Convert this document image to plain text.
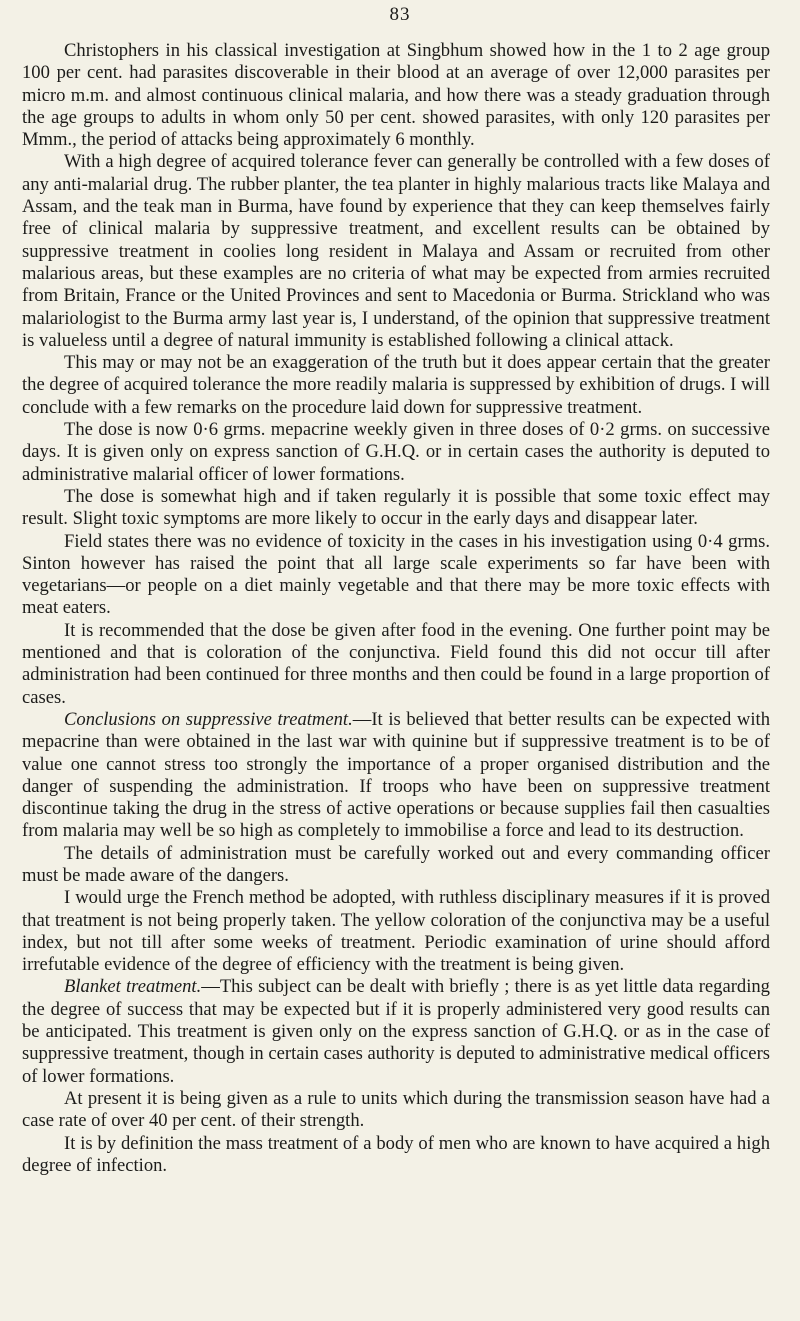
83

Christophers in his classical investigation at Singbhum showed how in the 1 to 2 age group 100 per cent. had parasites discoverable in their blood at an average of over 12,000 parasites per micro m.m. and almost continuous clinical malaria, and how there was a steady graduation through the age groups to adults in whom only 50 per cent. showed parasites, with only 120 parasites per Mmm., the period of attacks being approximately 6 monthly.

With a high degree of acquired tolerance fever can generally be controlled with a few doses of any anti-malarial drug. The rubber planter, the tea planter in highly malarious tracts like Malaya and Assam, and the teak man in Burma, have found by experience that they can keep themselves fairly free of clinical malaria by suppressive treatment, and excellent results can be obtained by suppressive treatment in coolies long resident in Malaya and Assam or recruited from other malarious areas, but these examples are no criteria of what may be expected from armies recruited from Britain, France or the United Provinces and sent to Macedonia or Burma. Strickland who was malariologist to the Burma army last year is, I understand, of the opinion that suppressive treatment is valueless until a degree of natural immunity is established following a clinical attack.

This may or may not be an exaggeration of the truth but it does appear certain that the greater the degree of acquired tolerance the more readily malaria is suppressed by exhibition of drugs. I will conclude with a few remarks on the procedure laid down for suppressive treatment.

The dose is now 0·6 grms. mepacrine weekly given in three doses of 0·2 grms. on successive days. It is given only on express sanction of G.H.Q. or in certain cases the authority is deputed to administrative malarial officer of lower formations.

The dose is somewhat high and if taken regularly it is possible that some toxic effect may result. Slight toxic symptoms are more likely to occur in the early days and disappear later.

Field states there was no evidence of toxicity in the cases in his investigation using 0·4 grms. Sinton however has raised the point that all large scale experiments so far have been with vegetarians—or people on a diet mainly vegetable and that there may be more toxic effects with meat eaters.

It is recommended that the dose be given after food in the evening. One further point may be mentioned and that is coloration of the conjunctiva. Field found this did not occur till after administration had been continued for three months and then could be found in a large proportion of cases.

Conclusions on suppressive treatment.—It is believed that better results can be expected with mepacrine than were obtained in the last war with quinine but if suppressive treatment is to be of value one cannot stress too strongly the importance of a proper organised distribution and the danger of suspending the administration. If troops who have been on suppressive treatment discontinue taking the drug in the stress of active operations or because supplies fail then casualties from malaria may well be so high as completely to immobilise a force and lead to its destruction.

The details of administration must be carefully worked out and every commanding officer must be made aware of the dangers.

I would urge the French method be adopted, with ruthless disciplinary measures if it is proved that treatment is not being properly taken. The yellow coloration of the conjunctiva may be a useful index, but not till after some weeks of treatment. Periodic examination of urine should afford irrefutable evidence of the degree of efficiency with the treatment is being given.

Blanket treatment.—This subject can be dealt with briefly ; there is as yet little data regarding the degree of success that may be expected but if it is properly administered very good results can be anticipated. This treatment is given only on the express sanction of G.H.Q. or as in the case of suppressive treatment, though in certain cases authority is deputed to administrative medical officers of lower formations.

At present it is being given as a rule to units which during the transmission season have had a case rate of over 40 per cent. of their strength.

It is by definition the mass treatment of a body of men who are known to have acquired a high degree of infection.
